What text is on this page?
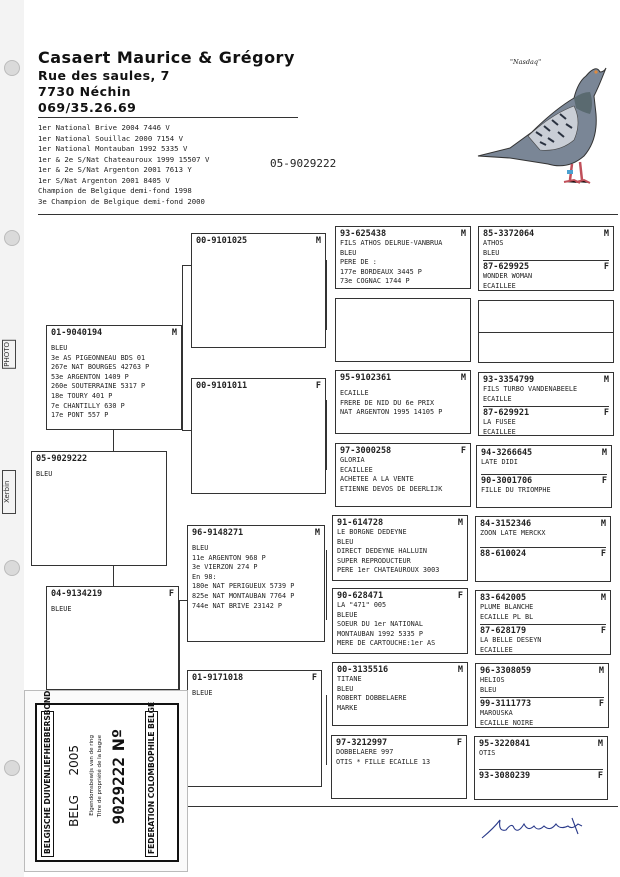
PHOTO
Xerbin
Casaert Maurice & Grégory
Rue des saules, 7
7730 Néchin
069/35.26.69
1er National Brive 2004 7446 V
1er National Souillac 2000 7154 V
1er National Montauban 1992 5335 V
1er & 2e S/Nat Chateauroux 1999 15507 V
1er & 2e S/Nat Argenton 2001 7613 Y
1er S/Nat Argenton 2001 8405 V
Champion de Belgique demi-fond 1998
3e Champion de Belgique demi-fond 2000
05-9029222
"Nasdaq"
05-9029222
BLEU
01-9040194	M
BLEU
3e AS PIGEONNEAU BDS 01
267e NAT BOURGES 42763 P
53e ARGENTON 1409 P
260e SOUTERRAINE 5317 P
18e TOURY 401 P
7e CHANTILLY 630 P
17e PONT 557 P
04-9134219	F
BLEUE
00-9101025	M
00-9101011	F
96-9148271	M
BLEU
11e ARGENTON 968 P
3e VIERZON 274 P
En 98:
180e NAT PERIGUEUX 5739 P
825e NAT MONTAUBAN 7764 P
744e NAT BRIVE 23142 P
01-9171018	F
BLEUE
93-625438	M
FILS ATHOS DELRUE-VANBRUA
BLEU
PERE DE :
177e BORDEAUX 3445 P
73e COGNAC 1744 P
95-9102361	M
ECAILLE
FRERE DE NID DU 6e PRIX
NAT ARGENTON 1995 14105 P
97-3000258	F
GLORIA
ECAILLEE
ACHETEE A LA VENTE
ETIENNE DEVOS DE DEERLIJK
91-614728	M
LE BORGNE DEDEYNE
BLEU
DIRECT DEDEYNE HALLUIN
SUPER REPRODUCTEUR
PERE 1er CHATEAUROUX 3003
90-628471	F
LA "471" 005
BLEUE
SOEUR DU 1er NATIONAL
MONTAUBAN 1992 5335 P
MERE DE CARTOUCHE:1er AS
00-3135516	M
TITANE
BLEU
ROBERT DOBBELAERE
MARKE
97-3212997	F
DOBBELAERE 997
OTIS * FILLE ECAILLE 13
85-3372064	M
ATHOS
BLEU
87-629925	F
WONDER WOMAN
ECAILLEE
93-3354799	M
FILS TURBO VANDENABEELE
ECAILLE
87-629921	F
LA FUSEE
ECAILLEE
94-3266645	M
LATE DIDI
90-3001706	F
FILLE DU TRIOMPHE
84-3152346	M
ZOON LATE MERCKX
88-610024	F
83-642005	M
PLUME BLANCHE
ECAILLE PL BL
87-628179	F
LA BELLE DESEYN
ECAILLEE
96-3308059	M
HELIOS
BLEU
99-3111773	F
MAROUSKA
ECAILLE NOIRE
95-3220841	M
OTIS
93-3080239	F
BELGISCHE DUIVENLIEFHEBBERSBOND 2005
BELG Eigendomsbewijs van de ring Titre de propriété de la bague Nº
9029222	FEDERATION COLOMBOPHILE BELGE
